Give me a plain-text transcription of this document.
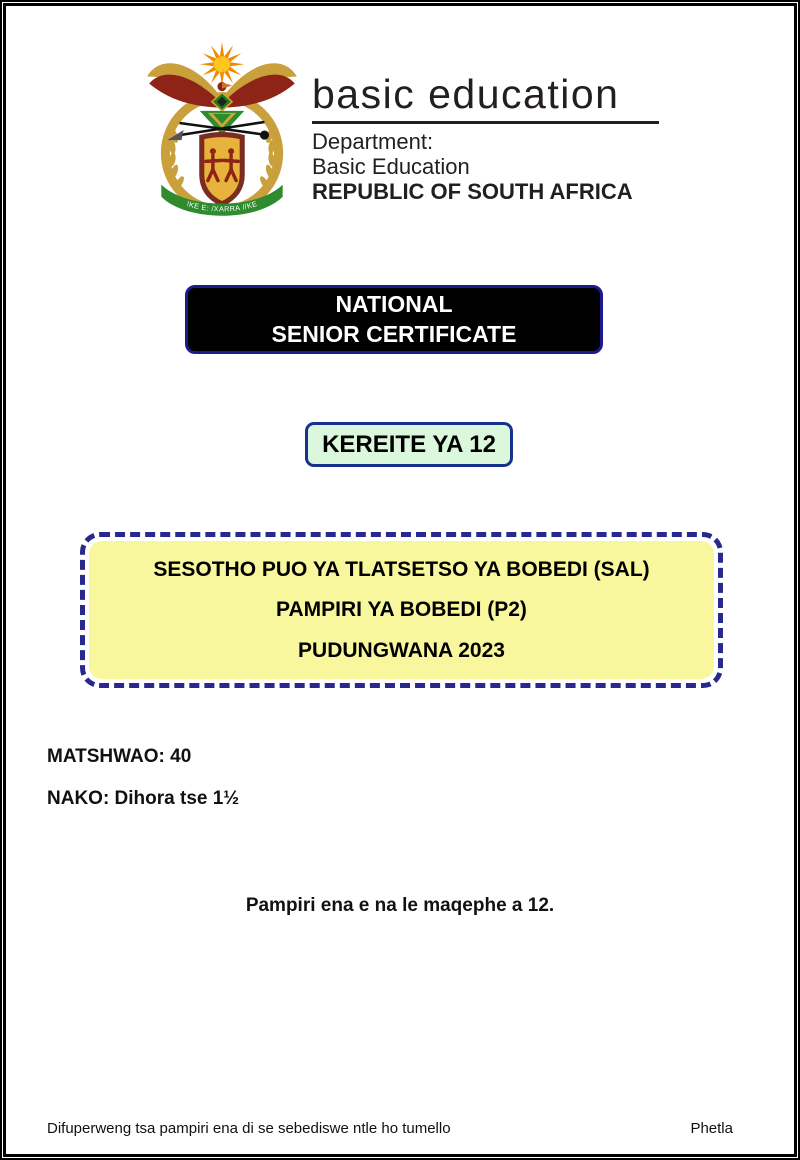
!KE E: /XARRA //KE
basic education
Department:
Basic Education
REPUBLIC OF SOUTH AFRICA
NATIONAL
SENIOR CERTIFICATE
KEREITE YA 12
SESOTHO PUO YA TLATSETSO YA BOBEDI (SAL)
PAMPIRI YA BOBEDI (P2)
PUDUNGWANA 2023
MATSHWAO: 40
NAKO: Dihora tse 1½
Pampiri ena e na le maqephe a 12.
Difuperweng tsa pampiri ena di se sebediswe ntle ho tumello	Phetla
